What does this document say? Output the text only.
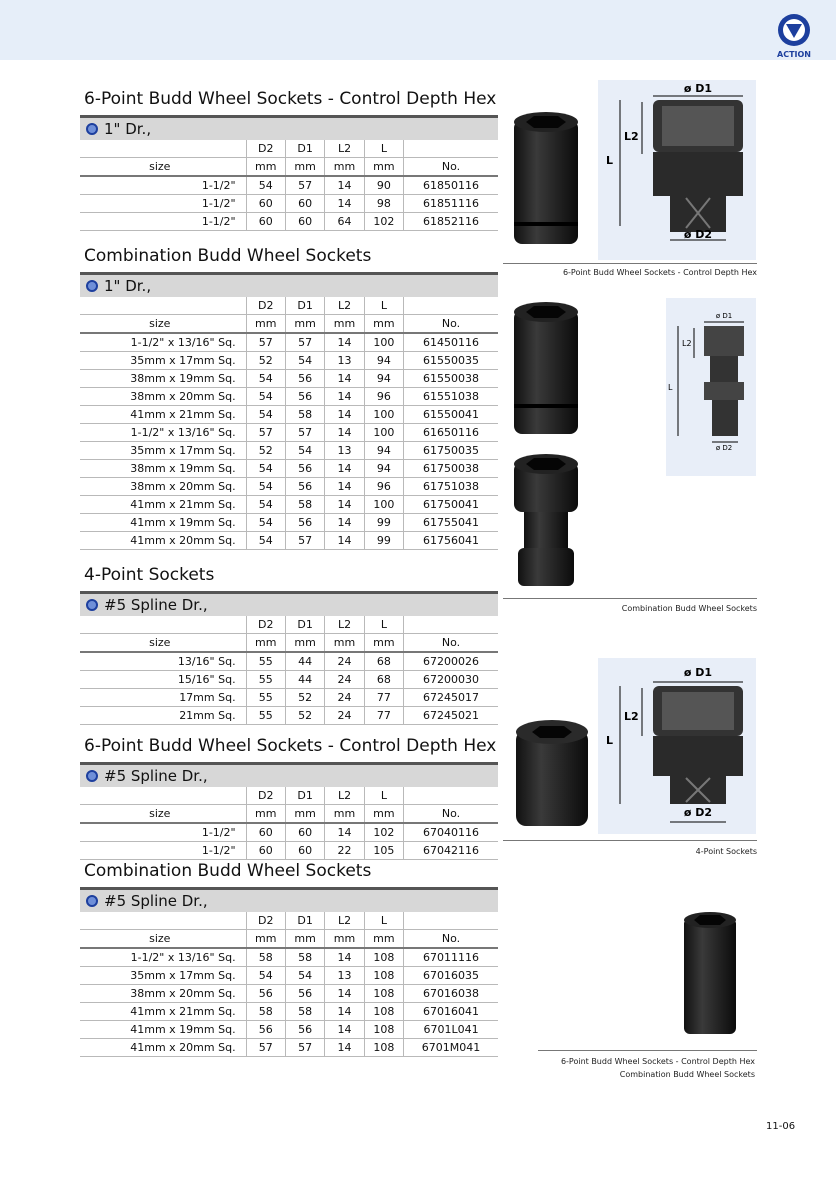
ACTION
6-Point Budd Wheel Sockets - Control Depth Hex
1" Dr.,
	D2	D1	L2	L	
size	mm	mm	mm	mm	No.
1-1/2"	54	57	14	90	61850116
1-1/2"	60	60	14	98	61851116
1-1/2"	60	60	64	102	61852116
Combination Budd Wheel Sockets
1" Dr.,
	D2	D1	L2	L	
size	mm	mm	mm	mm	No.
1-1/2" x 13/16" Sq.	57	57	14	100	61450116
35mm x 17mm Sq.	52	54	13	94	61550035
38mm x 19mm Sq.	54	56	14	94	61550038
38mm x 20mm Sq.	54	56	14	96	61551038
41mm x 21mm Sq.	54	58	14	100	61550041
1-1/2" x 13/16" Sq.	57	57	14	100	61650116
35mm x 17mm Sq.	52	54	13	94	61750035
38mm x 19mm Sq.	54	56	14	94	61750038
38mm x 20mm Sq.	54	56	14	96	61751038
41mm x 21mm Sq.	54	58	14	100	61750041
41mm x 19mm Sq.	54	56	14	99	61755041
41mm x 20mm Sq.	54	57	14	99	61756041
4-Point Sockets
#5 Spline Dr.,
	D2	D1	L2	L	
size	mm	mm	mm	mm	No.
13/16" Sq.	55	44	24	68	67200026
15/16" Sq.	55	44	24	68	67200030
17mm Sq.	55	52	24	77	67245017
21mm Sq.	55	52	24	77	67245021
6-Point Budd Wheel Sockets - Control Depth Hex
#5 Spline Dr.,
	D2	D1	L2	L	
size	mm	mm	mm	mm	No.
1-1/2"	60	60	14	102	67040116
1-1/2"	60	60	22	105	67042116
Combination Budd Wheel Sockets
#5 Spline Dr.,
	D2	D1	L2	L	
size	mm	mm	mm	mm	No.
1-1/2" x 13/16" Sq.	58	58	14	108	67011116
35mm x 17mm Sq.	54	54	13	108	67016035
38mm x 20mm Sq.	56	56	14	108	67016038
41mm x 21mm Sq.	58	58	14	108	67016041
41mm x 19mm Sq.	56	56	14	108	6701L041
41mm x 20mm Sq.	57	57	14	108	6701M041
ø D1
ø D2
L2
L
6-Point Budd Wheel Sockets - Control Depth Hex
ø D1
ø D2
L2
L
Combination Budd Wheel Sockets
ø D1
ø D2
L2
L
4-Point Sockets
6-Point Budd Wheel Sockets - Control Depth Hex
Combination Budd Wheel Sockets
11-06
